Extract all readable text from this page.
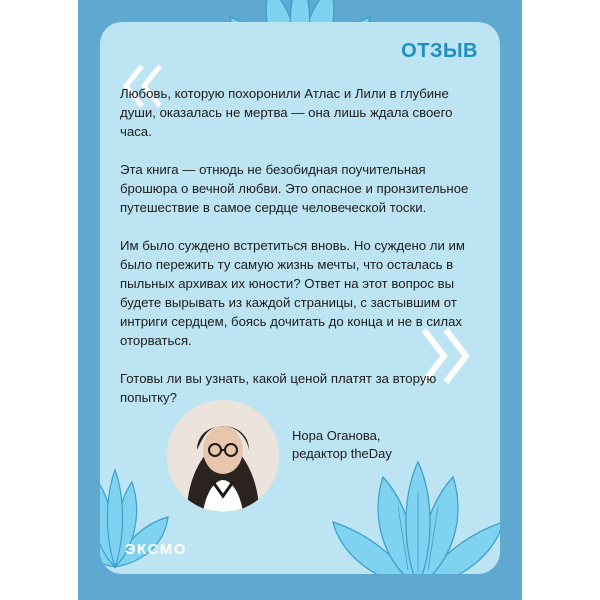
ОТЗЫВ

Любовь, которую похоронили Атлас и Лили в глубине души, оказалась не мертва — она лишь ждала своего часа.

Эта книга — отнюдь не безобидная поучительная брошюра о вечной любви. Это опасное и пронзительное путешествие в самое сердце человеческой тоски.

Им было суждено встретиться вновь. Но суждено ли им было пережить ту самую жизнь мечты, что осталась в пыльных архивах их юности? Ответ на этот вопрос вы будете вырывать из каждой страницы, с застывшим от интриги сердцем, боясь дочитать до конца и не в силах оторваться.

Готовы ли вы узнать, какой ценой платят за вторую попытку?

Нора Оганова,
редактор theDay
ЭКСМО
